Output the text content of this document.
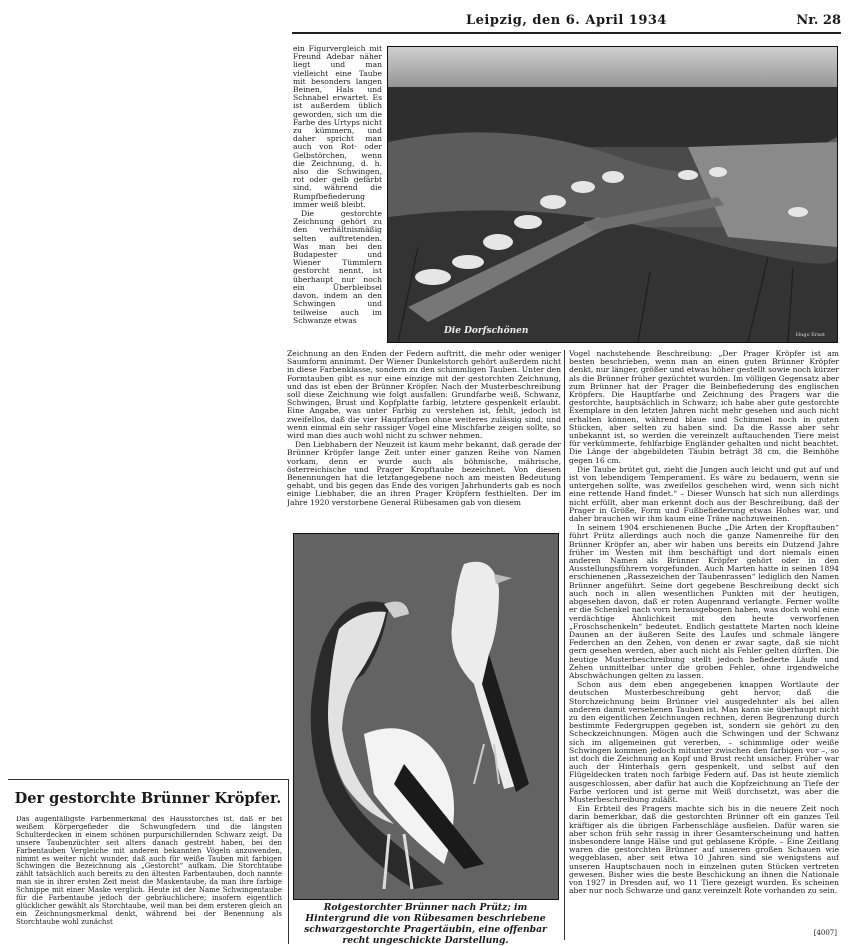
Leipzig, den 6. April 1934	Nr. 28

ein Figurvergleich mit Freund Adebar näher liegt und man vielleicht eine Taube mit besonders langen Beinen, Hals und Schnabel erwartet. Es ist außerdem üblich geworden, sich um die Farbe des Urtyps nicht zu kümmern, und daher spricht man auch von Rot- oder Gelbstörchen, wenn die Zeichnung, d. h. also die Schwingen, rot oder gelb gefärbt sind, während die Rumpfbefiederung immer weiß bleibt.

Die gestorchte Zeichnung gehört zu den verhältnismäßig selten auftretenden. Was man bei den Budapester und Wiener Tümmlern gestorcht nennt, ist überhaupt nur noch ein Überbleibsel davon, indem an den Schwingen und teilweise auch im Schwanze etwas

Die Dorfschönen	Hugo Ernst

Zeichnung an den Enden der Federn auftritt, die mehr oder weniger Saumform annimmt. Der Wiener Dunkelstorch gehört außerdem nicht in diese Farbenklasse, sondern zu den schimmligen Tauben. Unter den Formtauben gibt es nur eine einzige mit der gestorchten Zeichnung, und das ist eben der Brünner Kröpfer. Nach der Musterbeschreibung soll diese Zeichnung wie folgt ausfallen: Grundfarbe weiß, Schwanz, Schwingen, Brust und Kopfplatte farbig, letztere gespenkelt erlaubt. Eine Angabe, was unter Farbig zu verstehen ist, fehlt, jedoch ist zweifellos, daß die vier Hauptfarben ohne weiteres zulässig sind, und wenn einmal ein sehr rassiger Vogel eine Mischfarbe zeigen sollte, so wird man dies auch wohl nicht zu schwer nehmen.

Den Liebhabern der Neuzeit ist kaum mehr bekannt, daß gerade der Brünner Kröpfer lange Zeit unter einer ganzen Reihe von Namen vorkam, denn er wurde auch als böhmische, mährische, österreichische und Prager Kropftaube bezeichnet. Von diesen Benennungen hat die letztangegebene noch am meisten Bedeutung gehabt, und bis gegen das Ende des vorigen Jahrhunderts gab es noch einige Liebhaber, die an ihren Prager Kröpfern festhielten. Der im Jahre 1920 verstorbene General Rübesamen gab von diesem

Vogel nachstehende Beschreibung: „Der Prager Kröpfer ist am besten beschrieben, wenn man an einen guten Brünner Kröpfer denkt, nur länger, größer und etwas höher gestellt sowie noch kürzer als die Brünner früher gezüchtet wurden. Im völligen Gegensatz aber zum Brünner hat der Prager die Beinbefiederung des englischen Kröpfers. Die Hauptfarbe und Zeichnung des Pragers war die gestorchte, hauptsächlich in Schwarz; ich habe aber gute gestorchte Exemplare in den letzten Jahren nicht mehr gesehen und auch nicht erhalten können, während blaue und Schimmel noch in guten Stücken, aber selten zu haben sind. Da die Rasse aber sehr unbekannt ist, so werden die vereinzelt auftauchenden Tiere meist für verkümmerte, fehlfarbige Engländer gehalten und nicht beachtet. Die Länge der abgebildeten Täubin beträgt 38 cm, die Beinhöhe gegen 16 cm.

Die Taube brütet gut, zieht die Jungen auch leicht und gut auf und ist von lebendigem Temperament. Es wäre zu bedauern, wenn sie untergehen sollte, was zweifellos geschehen wird, wenn sich nicht eine rettende Hand findet.“ – Dieser Wunsch hat sich nun allerdings nicht erfüllt, aber man erkennt doch aus der Beschreibung, daß der Prager in Größe, Form und Fußbefiederung etwas Hohes war, und daher brauchen wir ihm kaum eine Träne nachzuweinen.

In seinem 1904 erschienenen Buche „Die Arten der Kropftauben“ führt Prütz allerdings auch noch die ganze Namenreihe für den Brünner Kröpfer an, aber wir haben uns bereits ein Dutzend Jahre früher im Westen mit ihm beschäftigt und dort niemals einen anderen Namen als Brünner Kröpfer gehört oder in den Ausstellungsführern vorgefunden. Auch Marten hatte in seinen 1894 erschienenen „Rassezeichen der Taubenrassen“ lediglich den Namen Brünner angeführt. Seine dort gegebene Beschreibung deckt sich auch noch in allen wesentlichen Punkten mit der heutigen, abgesehen davon, daß er roten Augenrand verlangte. Ferner wollte er die Schenkel nach vorn herausgebogen haben, was doch wohl eine verdächtige Ähnlichkeit mit den heute verworfenen „Froschschenkeln“ bedeutet. Endlich gestattete Marten noch kleine Daunen an der äußeren Seite des Laufes und schmale längere Federchen an den Zehen, von denen er zwar sagte, daß sie nicht gern gesehen werden, aber auch nicht als Fehler gelten dürften. Die heutige Musterbeschreibung stellt jedoch befiederte Läufe und Zehen unmittelbar unter die groben Fehler, ohne irgendwelche Abschwächungen gelten zu lassen.

Schon aus dem eben angegebenen knappen Wortlaute der deutschen Musterbeschreibung geht hervor, daß die Storchzeichnung beim Brünner viel ausgedehnter als bei allen anderen damit versehenen Tauben ist. Man kann sie überhaupt nicht zu den eigentlichen Zeichnungen rechnen, deren Begrenzung durch bestimmte Federgruppen gegeben ist, sondern sie gehört zu den Scheckzeichnungen. Mögen auch die Schwingen und der Schwanz sich im allgemeinen gut vererben, – schimmlige oder weiße Schwingen kommen jedoch mitunter zwischen den farbigen vor –, so ist doch die Zeichnung an Kopf und Brust recht unsicher. Früher war auch der Hinterhals gern gespenkelt, und selbst auf den Flügeldecken traten noch farbige Federn auf. Das ist heute ziemlich ausgeschlossen, aber dafür hat auch die Kopfzeichnung an Tiefe der Farbe verloren und ist gerne mit Weiß durchsetzt, was aber die Musterbeschreibung zuläßt.

Ein Erbteil des Pragers machte sich bis in die neuere Zeit noch darin bemerkbar, daß die gestorchten Brünner oft ein ganzes Teil kräftiger als die übrigen Farbenschläge ausfielen. Dafür waren sie aber schon früh sehr rassig in ihrer Gesamterscheinung und hatten insbesondere lange Hälse und gut geblasene Kröpfe. – Eine Zeitlang waren die gestorchten Brünner auf unseren großen Schauen wie weggeblasen, aber seit etwa 10 Jahren sind sie wenigstens auf unseren Hauptschauen noch in einzelnen guten Stücken vertreten gewesen. Bisher wies die beste Beschickung an ihnen die Nationale von 1927 in Dresden auf, wo 11 Tiere gezeigt wurden. Es scheinen aber nur noch Schwarze und ganz vereinzelt Rote vorhanden zu sein.

[4007]
Rotgestorchter Brünner nach Prütz; im Hintergrund die von Rübesamen beschriebene schwarzgestorchte Pragertäubin, eine offenbar recht ungeschickte Darstellung.
Der gestorchte Brünner Kröpfer.
Das augenfälligste Farbenmerkmal des Hausstorches ist, daß er bei weißem Körpergefieder die Schwungfedern und die längsten Schulterdecken in einem schönen purpurschillernden Schwarz zeigt. Da unsere Taubenzüchter seit alters danach gestrebt haben, bei den Farbentauben Vergleiche mit anderen bekannten Vögeln anzuwenden, nimmt es weiter nicht wunder, daß auch für weiße Tauben mit farbigen Schwingen die Bezeichnung als „Gestorcht“ aufkam. Die Storchtaube zählt tatsächlich auch bereits zu den ältesten Farbentauben, doch nannte man sie in ihrer ersten Zeit meist die Maskentaube, da man ihre farbige Schnippe mit einer Maske verglich. Heute ist der Name Schwingentaube für die Farbentaube jedoch der gebräuchlichere; insofern eigentlich glücklicher gewählt als Storchtaube, weil man bei dem ersteren gleich an ein Zeichnungsmerkmal denkt, während bei der Benennung als Storchtaube wohl zunächst
